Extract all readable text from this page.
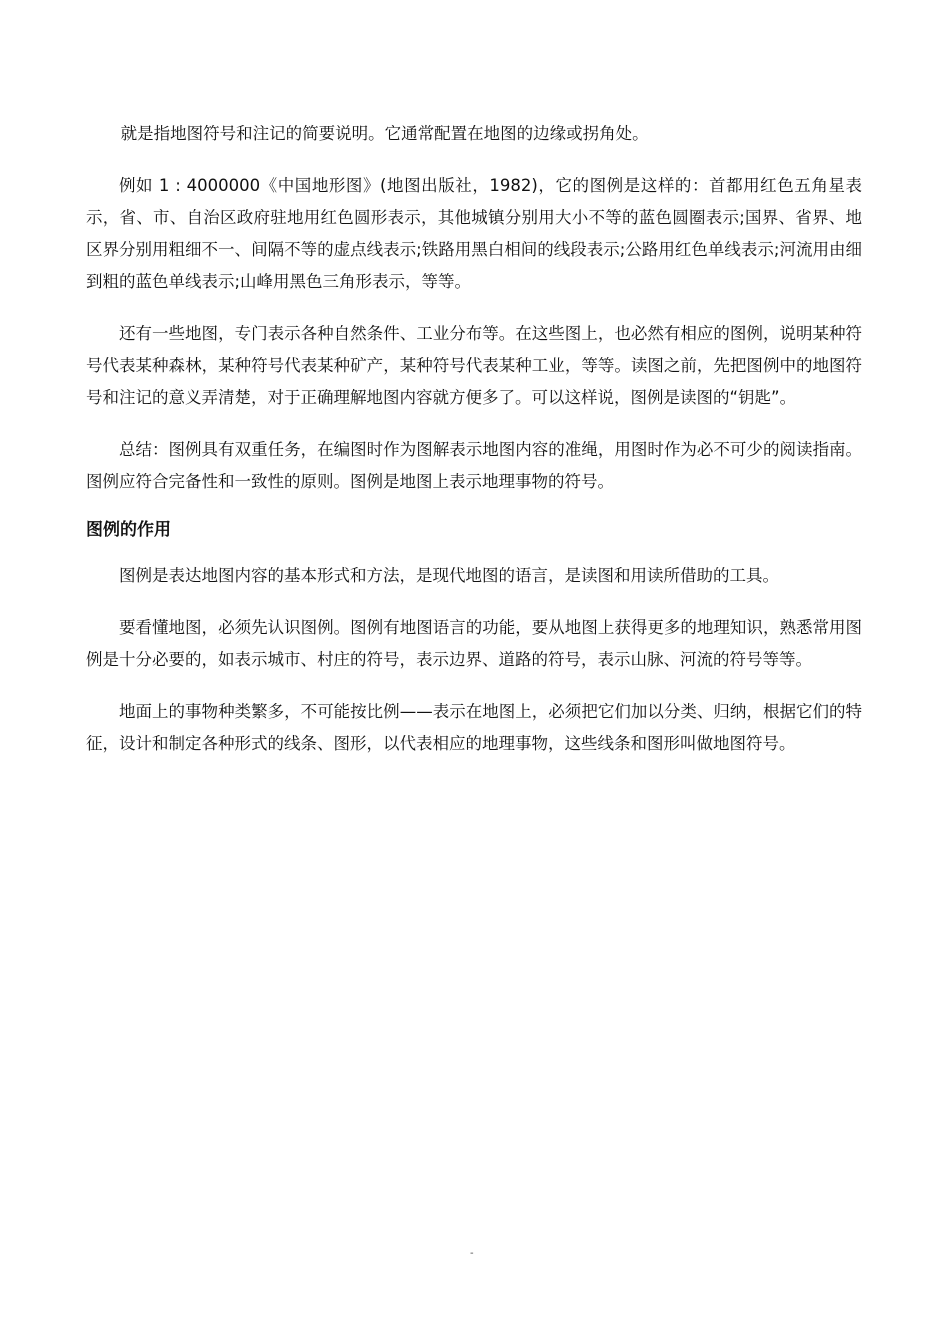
就是指地图符号和注记的简要说明。它通常配置在地图的边缘或拐角处。

例如 1 : 4000000《中国地形图》(地图出版社，1982)，它的图例是这样的：首都用红色五角星表示，省、市、自治区政府驻地用红色圆形表示，其他城镇分别用大小不等的蓝色圆圈表示;国界、省界、地区界分别用粗细不一、间隔不等的虚点线表示;铁路用黑白相间的线段表示;公路用红色单线表示;河流用由细到粗的蓝色单线表示;山峰用黑色三角形表示，等等。

还有一些地图，专门表示各种自然条件、工业分布等。在这些图上，也必然有相应的图例，说明某种符号代表某种森林，某种符号代表某种矿产，某种符号代表某种工业，等等。读图之前，先把图例中的地图符号和注记的意义弄清楚，对于正确理解地图内容就方便多了。可以这样说，图例是读图的“钥匙”。

总结：图例具有双重任务，在编图时作为图解表示地图内容的准绳，用图时作为必不可少的阅读指南。图例应符合完备性和一致性的原则。图例是地图上表示地理事物的符号。

图例的作用

图例是表达地图内容的基本形式和方法，是现代地图的语言，是读图和用读所借助的工具。

要看懂地图，必须先认识图例。图例有地图语言的功能，要从地图上获得更多的地理知识，熟悉常用图例是十分必要的，如表示城市、村庄的符号，表示边界、道路的符号，表示山脉、河流的符号等等。

地面上的事物种类繁多，不可能按比例——表示在地图上，必须把它们加以分类、归纳，根据它们的特征，设计和制定各种形式的线条、图形，以代表相应的地理事物，这些线条和图形叫做地图符号。

-
